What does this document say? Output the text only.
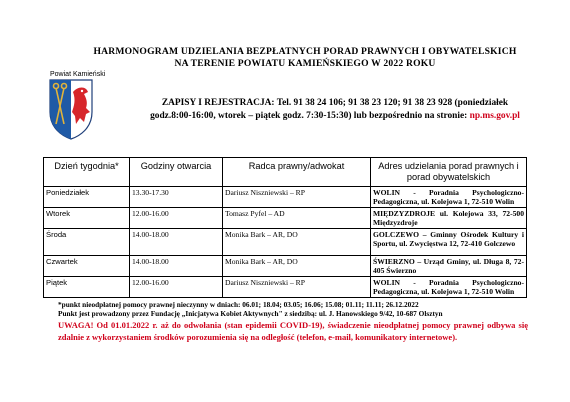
HARMONOGRAM UDZIELANIA BEZPŁATNYCH PORAD PRAWNYCH I OBYWATELSKICH
NA TERENIE POWIATU KAMIEŃSKIEGO W 2022 ROKU
Powiat Kamieński
ZAPISY I REJESTRACJA: Tel. 91 38 24 106; 91 38 23 120; 91 38 23 928 (poniedziałek
godz.8:00-16:00, wtorek – piątek godz. 7:30-15:30) lub bezpośrednio na stronie: np.ms.gov.pl
Dzień tygodnia*	Godziny otwarcia	Radca prawny/adwokat	Adres udzielania porad prawnych i porad obywatelskich
Poniedziałek	13.30-17.30	Dariusz Niszniewski – RP	WOLIN - Poradnia Psychologiczno-Pedagogiczna, ul. Kolejowa 1, 72-510 Wolin
Wtorek	12.00-16.00	Tomasz Pyfel – AD	MIĘDZYZDROJE ul. Kolejowa 33, 72-500 Międzyzdroje
Środa	14.00-18.00	Monika Bark – AR, DO	GOLCZEWO – Gminny Ośrodek Kultury i Sportu, ul. Zwycięstwa 12, 72-410 Golczewo
Czwartek	14.00-18.00	Monika Bark – AR, DO	ŚWIERZNO – Urząd Gminy, ul. Długa 8, 72-405 Świerzno
Piątek	12.00-16.00	Dariusz Niszniewski – RP	WOLIN - Poradnia Psychologiczno-Pedagogiczna, ul. Kolejowa 1, 72-510 Wolin
*punkt nieodpłatnej pomocy prawnej nieczynny w dniach: 06.01; 18.04; 03.05; 16.06; 15.08; 01.11; 11.11; 26.12.2022
Punkt jest prowadzony przez Fundację „Inicjatywa Kobiet Aktywnych" z siedzibą: ul. J. Hanowskiego 9/42, 10-687 Olsztyn
UWAGA! Od 01.01.2022 r. aż do odwołania (stan epidemii COVID-19), świadczenie nieodpłatnej pomocy prawnej odbywa się zdalnie z wykorzystaniem środków porozumienia się na odległość (telefon, e-mail, komunikatory internetowe).
